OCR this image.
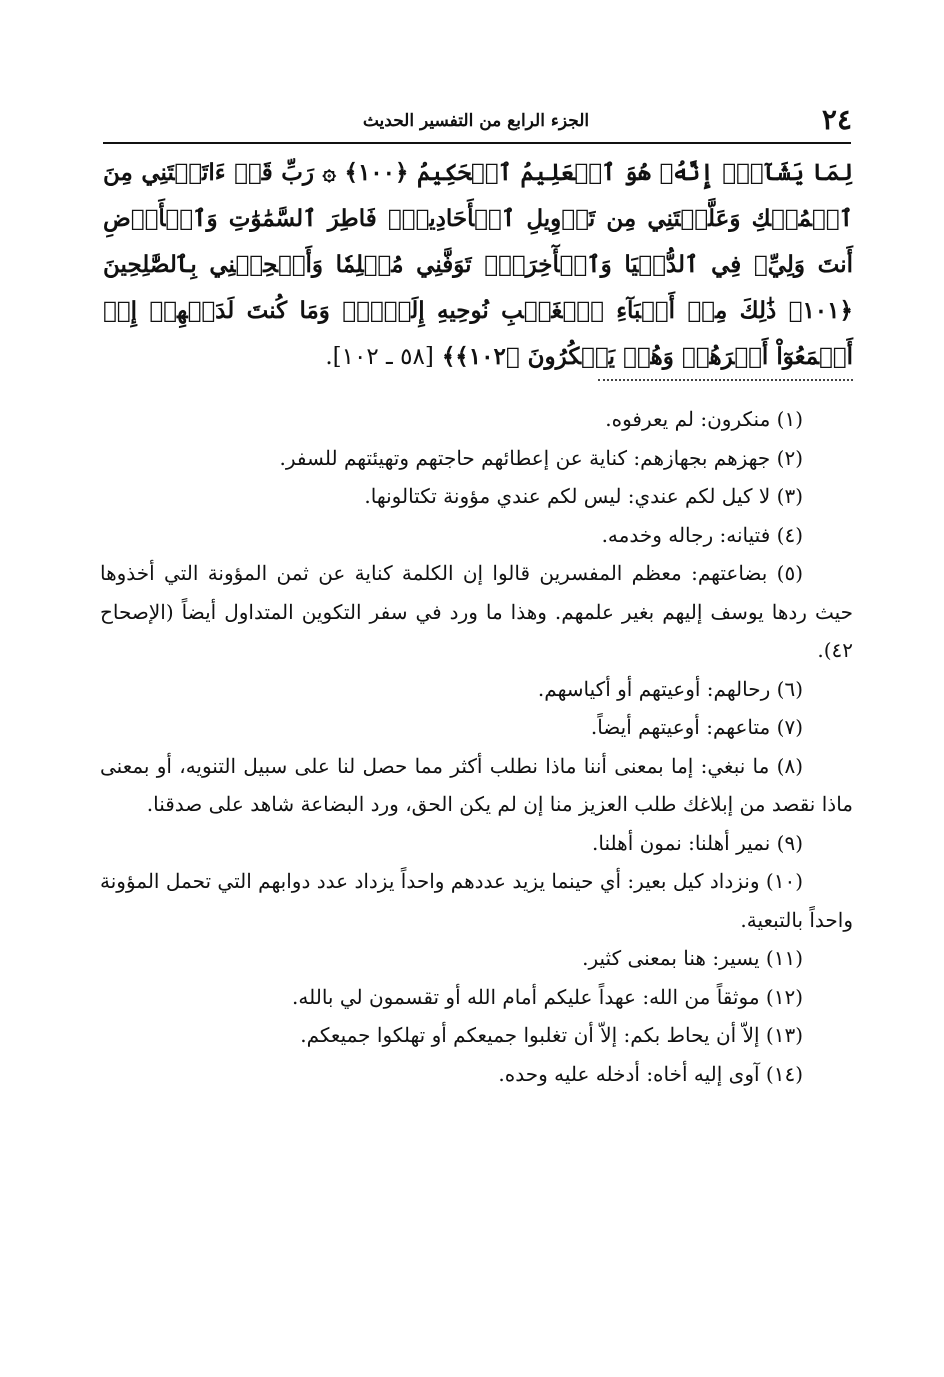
٢٤
الجزء الرابع من التفسير الحديث
لِمَا يَشَآءُۚ إِنَّهُۥ هُوَ ٱلۡعَلِيمُ ٱلۡحَكِيمُ ﴿١٠٠﴾ ۞ رَبِّ قَدۡ ءَاتَيۡتَنِي مِنَ ٱلۡمُلۡكِ وَعَلَّمۡتَنِي مِن تَأۡوِيلِ ٱلۡأَحَادِيثِۚ فَاطِرَ ٱلسَّمَٰوَٰتِ وَٱلۡأَرۡضِ أَنتَ وَلِيِّۦ فِي ٱلدُّنۡيَا وَٱلۡأٓخِرَةِۖ تَوَفَّنِي مُسۡلِمٗا وَأَلۡحِقۡنِي بِٱلصَّٰلِحِينَ ﴿١٠١﴾ ذَٰلِكَ مِنۡ أَنۢبَآءِ ٱلۡغَيۡبِ نُوحِيهِ إِلَيۡكَۖ وَمَا كُنتَ لَدَيۡهِمۡ إِذۡ أَجۡمَعُوٓاْ أَمۡرَهُمۡ وَهُمۡ يَمۡكُرُونَ ﴿١٠٢﴾﴾ [٥٨ ـ ١٠٢].

(١) منكرون: لم يعرفوه.

(٢) جهزهم بجهازهم: كناية عن إعطائهم حاجتهم وتهيئتهم للسفر.

(٣) لا كيل لكم عندي: ليس لكم عندي مؤونة تكتالونها.

(٤) فتيانه: رجاله وخدمه.

(٥) بضاعتهم: معظم المفسرين قالوا إن الكلمة كناية عن ثمن المؤونة التي أخذوها حيث ردها يوسف إليهم بغير علمهم. وهذا ما ورد في سفر التكوين المتداول أيضاً (الإصحاح ٤٢).

(٦) رحالهم: أوعيتهم أو أكياسهم.

(٧) متاعهم: أوعيتهم أيضاً.

(٨) ما نبغي: إما بمعنى أننا ماذا نطلب أكثر مما حصل لنا على سبيل التنويه، أو بمعنى ماذا نقصد من إبلاغك طلب العزيز منا إن لم يكن الحق، ورد البضاعة شاهد على صدقنا.

(٩) نمير أهلنا: نمون أهلنا.

(١٠) ونزداد كيل بعير: أي حينما يزيد عددهم واحداً يزداد عدد دوابهم التي تحمل المؤونة واحداً بالتبعية.

(١١) يسير: هنا بمعنى كثير.

(١٢) موثقاً من الله: عهداً عليكم أمام الله أو تقسمون لي بالله.

(١٣) إلاّ أن يحاط بكم: إلاّ أن تغلبوا جميعكم أو تهلكوا جميعكم.

(١٤) آوى إليه أخاه: أدخله عليه وحده.
